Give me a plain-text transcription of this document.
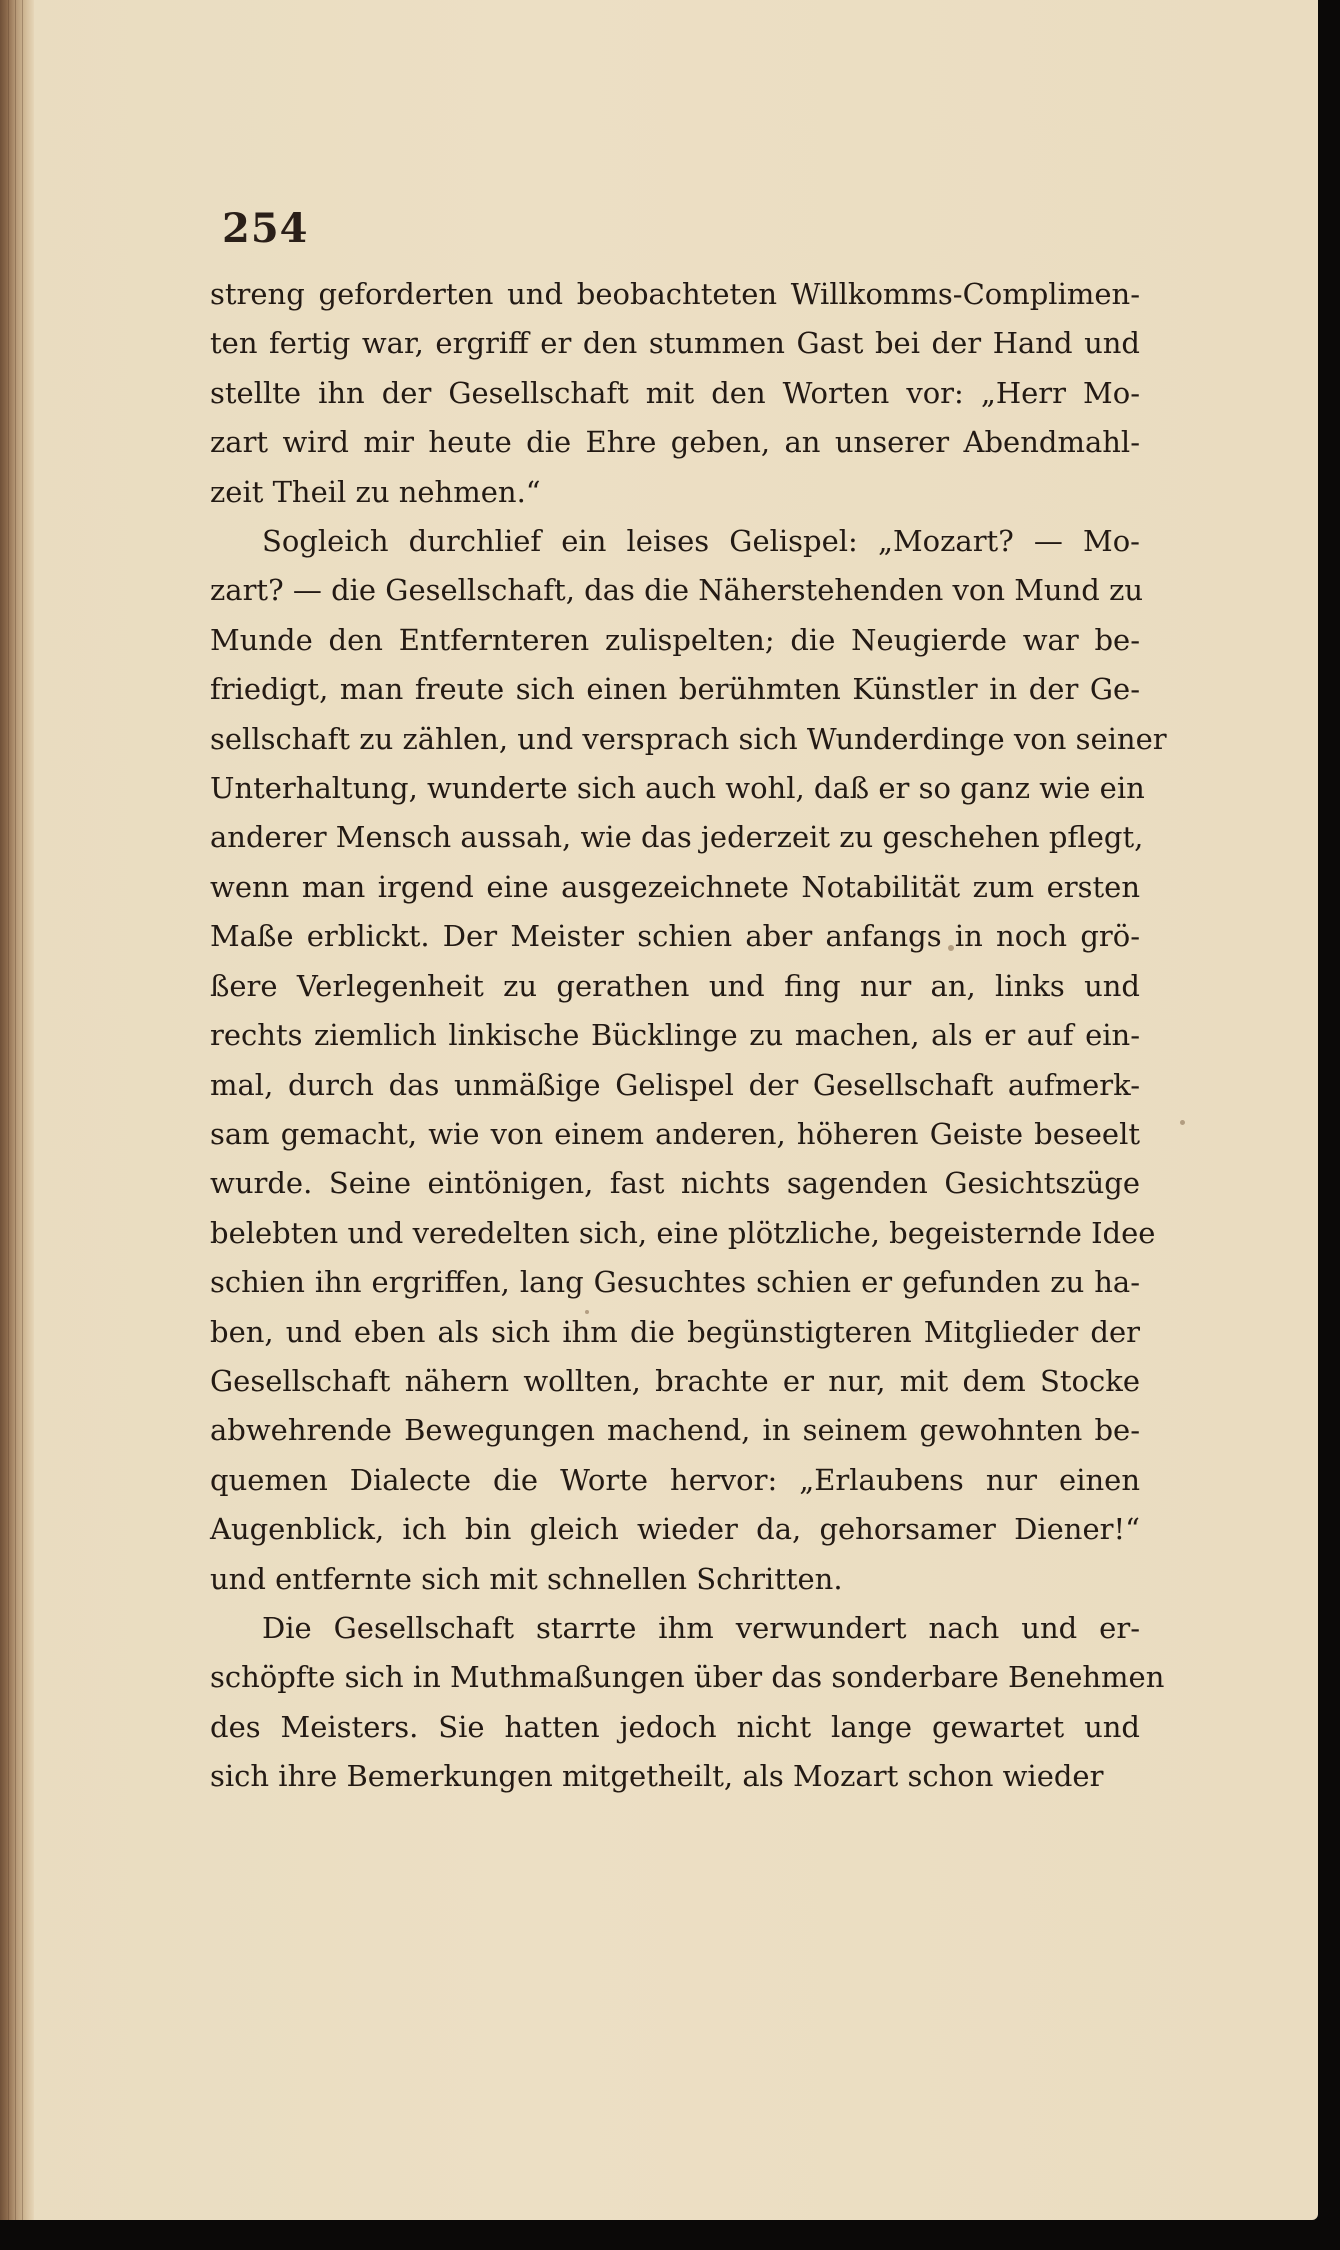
254
streng geforderten und beobachteten Willkomms-Complimen-
ten fertig war, ergriff er den stummen Gast bei der Hand und
stellte ihn der Gesellschaft mit den Worten vor: „Herr Mo-
zart wird mir heute die Ehre geben, an unserer Abendmahl-
zeit Theil zu nehmen.“
Sogleich durchlief ein leises Gelispel: „Mozart? — Mo-
zart? — die Gesellschaft, das die Näherstehenden von Mund zu
Munde den Entfernteren zulispelten; die Neugierde war be-
friedigt, man freute sich einen berühmten Künstler in der Ge-
sellschaft zu zählen, und versprach sich Wunderdinge von seiner
Unterhaltung, wunderte sich auch wohl, daß er so ganz wie ein
anderer Mensch aussah, wie das jederzeit zu geschehen pflegt,
wenn man irgend eine ausgezeichnete Notabilität zum ersten
Maße erblickt. Der Meister schien aber anfangs in noch grö-
ßere Verlegenheit zu gerathen und fing nur an, links und
rechts ziemlich linkische Bücklinge zu machen, als er auf ein-
mal, durch das unmäßige Gelispel der Gesellschaft aufmerk-
sam gemacht, wie von einem anderen, höheren Geiste beseelt
wurde. Seine eintönigen, fast nichts sagenden Gesichtszüge
belebten und veredelten sich, eine plötzliche, begeisternde Idee
schien ihn ergriffen, lang Gesuchtes schien er gefunden zu ha-
ben, und eben als sich ihm die begünstigteren Mitglieder der
Gesellschaft nähern wollten, brachte er nur, mit dem Stocke
abwehrende Bewegungen machend, in seinem gewohnten be-
quemen Dialecte die Worte hervor: „Erlaubens nur einen
Augenblick, ich bin gleich wieder da, gehorsamer Diener!“
und entfernte sich mit schnellen Schritten.
Die Gesellschaft starrte ihm verwundert nach und er-
schöpfte sich in Muthmaßungen über das sonderbare Benehmen
des Meisters. Sie hatten jedoch nicht lange gewartet und
sich ihre Bemerkungen mitgetheilt, als Mozart schon wieder
